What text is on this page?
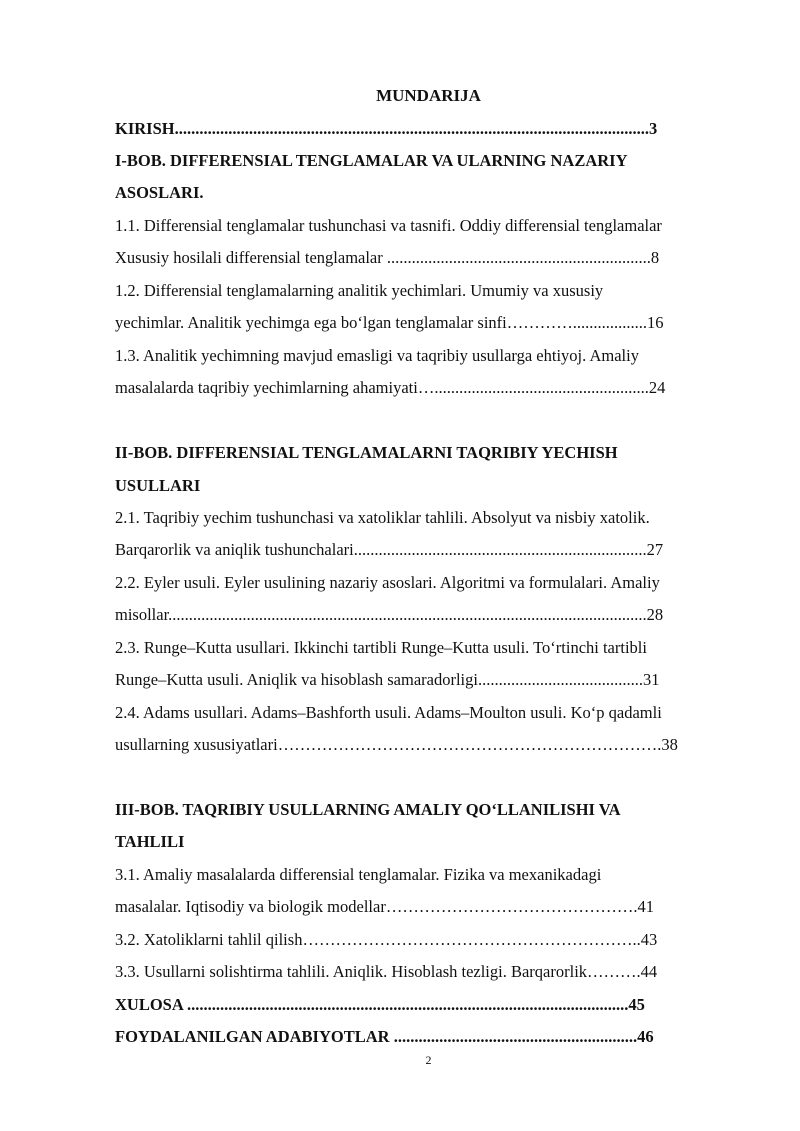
MUNDARIJA
KIRISH...................................................................................................................3
I-BOB. DIFFERENSIAL TENGLAMALAR VA ULARNING NAZARIY
ASOSLARI.
1.1. Differensial tenglamalar tushunchasi va tasnifi. Oddiy differensial tenglamalar
Xususiy hosilali differensial tenglamalar ................................................................8
1.2. Differensial tenglamalarning analitik yechimlari. Umumiy va xususiy
yechimlar. Analitik yechimga ega bo‘lgan tenglamalar sinfi…………..................16
1.3. Analitik yechimning mavjud emasligi va taqribiy usullarga ehtiyoj. Amaliy
masalalarda taqribiy yechimlarning ahamiyati…....................................................24
II-BOB. DIFFERENSIAL TENGLAMALARNI TAQRIBIY YECHISH
USULLARI
2.1. Taqribiy yechim tushunchasi va xatoliklar tahlili. Absolyut va nisbiy xatolik.
Barqarorlik va aniqlik tushunchalari.......................................................................27
2.2. Eyler usuli. Eyler usulining nazariy asoslari. Algoritmi va formulalari. Amaliy
misollar....................................................................................................................28
2.3. Runge–Kutta usullari. Ikkinchi tartibli Runge–Kutta usuli. To‘rtinchi tartibli
Runge–Kutta usuli. Aniqlik va hisoblash samaradorligi........................................31
2.4. Adams usullari. Adams–Bashforth usuli. Adams–Moulton usuli. Ko‘p qadamli
usullarning xususiyatlari…………………………………………………………….38
III-BOB. TAQRIBIY USULLARNING AMALIY QO‘LLANILISHI VA
TAHLILI
3.1. Amaliy masalalarda differensial tenglamalar. Fizika va mexanikadagi
masalalar. Iqtisodiy va biologik modellar……………………………………….41
3.2. Xatoliklarni tahlil qilish……………………………………………………..43
3.3. Usullarni solishtirma tahlili. Aniqlik. Hisoblash tezligi. Barqarorlik……….44
XULOSA ...........................................................................................................45
FOYDALANILGAN ADABIYOTLAR ...........................................................46
2
